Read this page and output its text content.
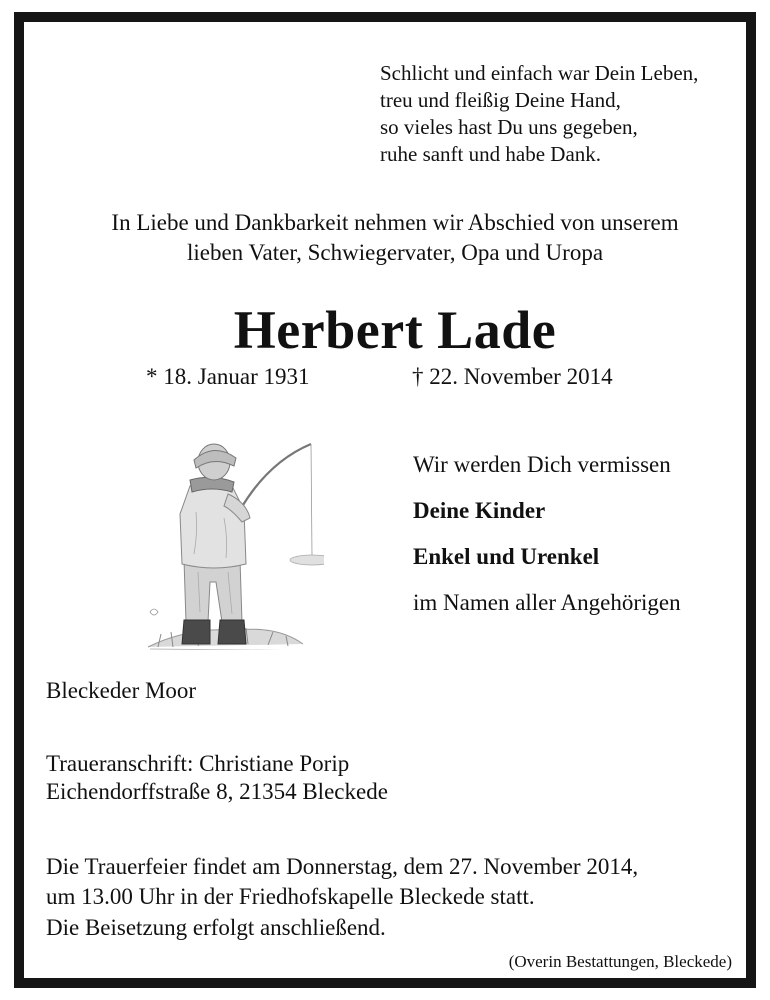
Schlicht und einfach war Dein Leben,
treu und fleißig Deine Hand,
so vieles hast Du uns gegeben,
ruhe sanft und habe Dank.
In Liebe und Dankbarkeit nehmen wir Abschied von unserem
lieben Vater, Schwiegervater, Opa und Uropa
Herbert Lade
* 18. Januar 1931	† 22. November 2014
Wir werden Dich vermissen
Deine Kinder
Enkel und Urenkel
im Namen aller Angehörigen
Bleckeder Moor
Traueranschrift: Christiane Porip
Eichendorffstraße 8, 21354 Bleckede
Die Trauerfeier findet am Donnerstag, dem 27. November 2014,
um 13.00 Uhr in der Friedhofskapelle Bleckede statt.
Die Beisetzung erfolgt anschließend.
(Overin Bestattungen, Bleckede)
